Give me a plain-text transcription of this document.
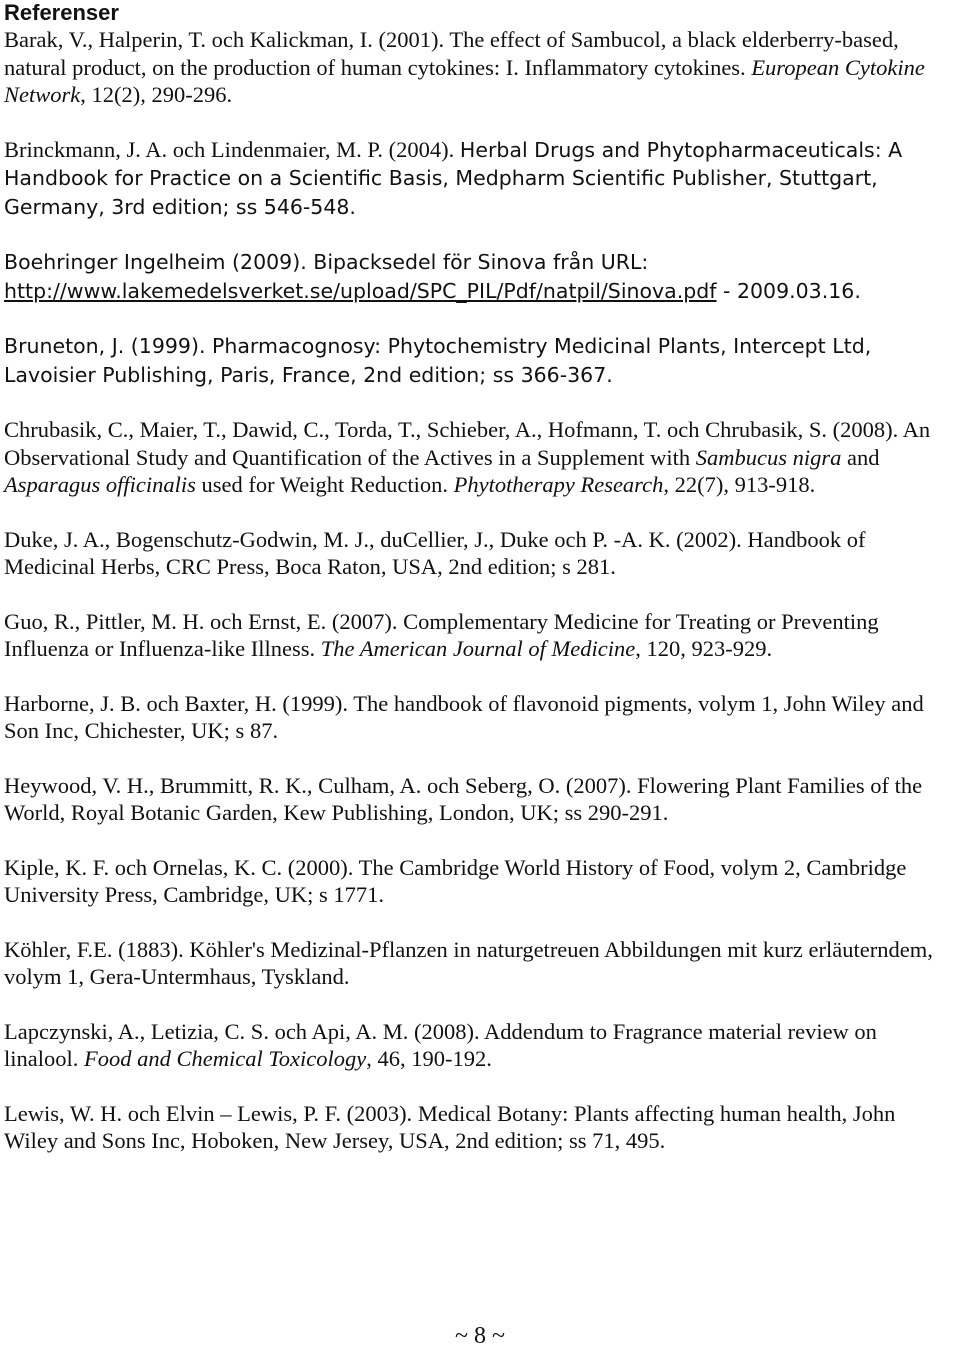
Referenser

Barak, V., Halperin, T. och Kalickman, I. (2001). The effect of Sambucol, a black elderberry-based, natural product, on the production of human cytokines: I. Inflammatory cytokines. European Cytokine Network, 12(2), 290-296.

Brinckmann, J. A. och Lindenmaier, M. P. (2004). Herbal Drugs and Phytopharmaceuticals: A Handbook for Practice on a Scientific Basis, Medpharm Scientific Publisher, Stuttgart, Germany, 3rd edition; ss 546-548.

Boehringer Ingelheim (2009). Bipacksedel för Sinova från URL: http://www.lakemedelsverket.se/upload/SPC_PIL/Pdf/natpil/Sinova.pdf - 2009.03.16.

Bruneton, J. (1999). Pharmacognosy: Phytochemistry Medicinal Plants, Intercept Ltd, Lavoisier Publishing, Paris, France, 2nd edition; ss 366-367.

Chrubasik, C., Maier, T., Dawid, C., Torda, T., Schieber, A., Hofmann, T. och Chrubasik, S. (2008). An Observational Study and Quantification of the Actives in a Supplement with Sambucus nigra and Asparagus officinalis used for Weight Reduction. Phytotherapy Research, 22(7), 913-918.

Duke, J. A., Bogenschutz-Godwin, M. J., duCellier, J., Duke och P. -A. K. (2002). Handbook of Medicinal Herbs, CRC Press, Boca Raton, USA, 2nd edition; s 281.

Guo, R., Pittler, M. H. och Ernst, E. (2007). Complementary Medicine for Treating or Preventing Influenza or Influenza-like Illness. The American Journal of Medicine, 120, 923-929.

Harborne, J. B. och Baxter, H. (1999). The handbook of flavonoid pigments, volym 1, John Wiley and Son Inc, Chichester, UK; s 87.

Heywood, V. H., Brummitt, R. K., Culham, A. och Seberg, O. (2007). Flowering Plant Families of the World, Royal Botanic Garden, Kew Publishing, London, UK; ss 290-291.

Kiple, K. F. och Ornelas, K. C. (2000). The Cambridge World History of Food, volym 2, Cambridge University Press, Cambridge, UK; s 1771.

Köhler, F.E. (1883). Köhler's Medizinal-Pflanzen in naturgetreuen Abbildungen mit kurz erläuterndem, volym 1, Gera-Untermhaus, Tyskland.

Lapczynski, A., Letizia, C. S. och Api, A. M. (2008). Addendum to Fragrance material review on linalool. Food and Chemical Toxicology, 46, 190-192.

Lewis, W. H. och Elvin – Lewis, P. F. (2003). Medical Botany: Plants affecting human health, John Wiley and Sons Inc, Hoboken, New Jersey, USA, 2nd edition; ss 71, 495.

~ 8 ~
